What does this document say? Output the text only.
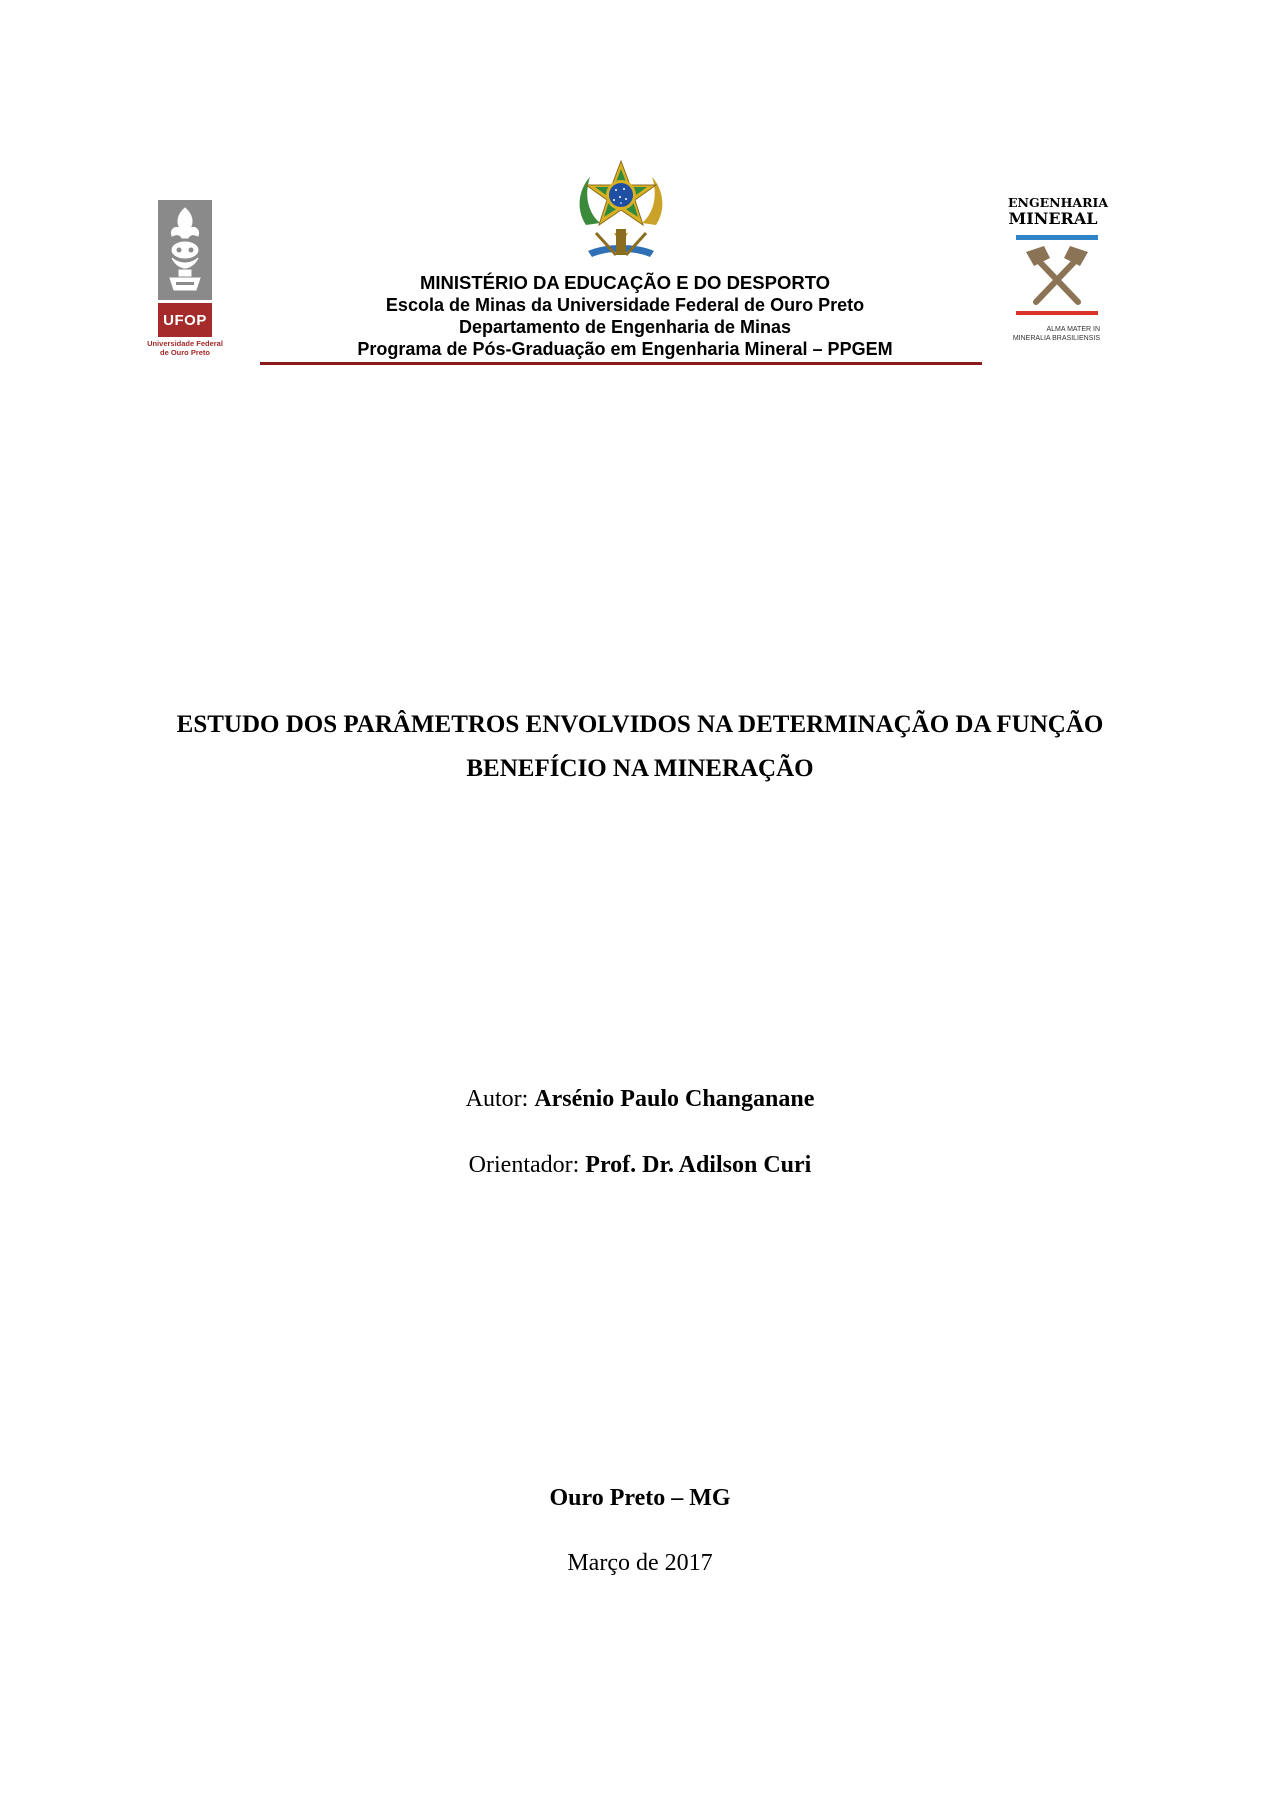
UFOP
Universidade Federal
de Ouro Preto
MINISTÉRIO DA EDUCAÇÃO E DO DESPORTO
Escola de Minas da Universidade Federal de Ouro Preto
Departamento de Engenharia de Minas
Programa de Pós-Graduação em Engenharia Mineral – PPGEM
ENGENHARIA
MINERAL
ALMA MATER IN
MINERALIA BRASILIENSIS
ESTUDO DOS PARÂMETROS ENVOLVIDOS NA DETERMINAÇÃO DA FUNÇÃO
BENEFÍCIO NA MINERAÇÃO
Autor: Arsénio Paulo Changanane
Orientador: Prof. Dr. Adilson Curi
Ouro Preto – MG
Março de 2017
